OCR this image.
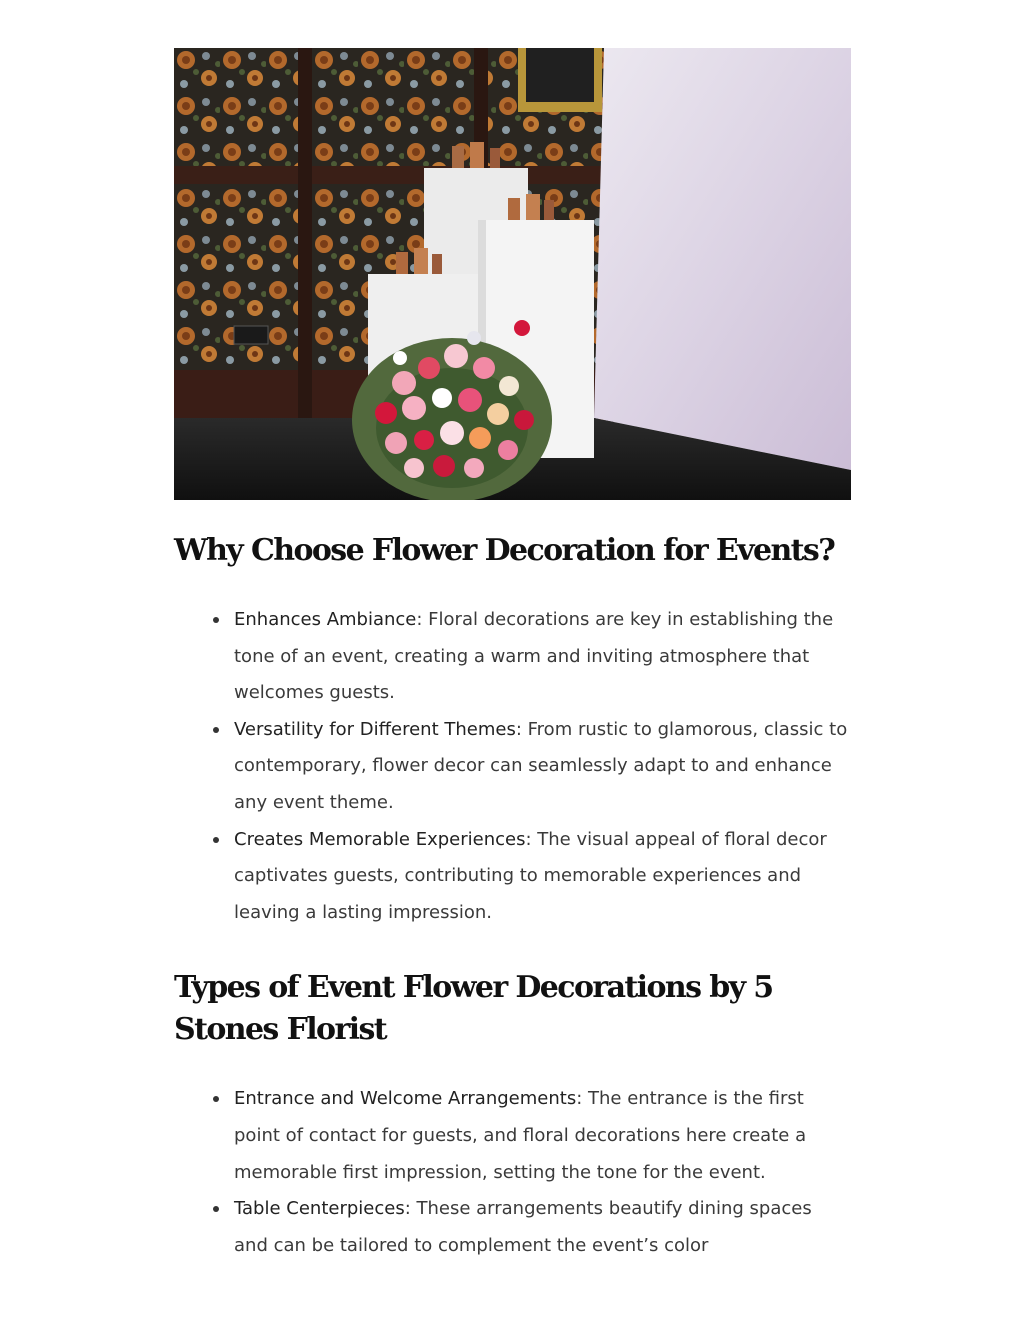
Why Choose Flower Decoration for Events?
Enhances Ambiance: Floral decorations are key in establishing the tone of an event, creating a warm and inviting atmosphere that welcomes guests.
Versatility for Different Themes: From rustic to glamorous, classic to contemporary, flower decor can seamlessly adapt to and enhance any event theme.
Creates Memorable Experiences: The visual appeal of floral decor captivates guests, contributing to memorable experiences and leaving a lasting impression.
Types of Event Flower Decorations by 5 Stones Florist
Entrance and Welcome Arrangements: The entrance is the first point of contact for guests, and floral decorations here create a memorable first impression, setting the tone for the event.
Table Centerpieces: These arrangements beautify dining spaces and can be tailored to complement the event’s color
